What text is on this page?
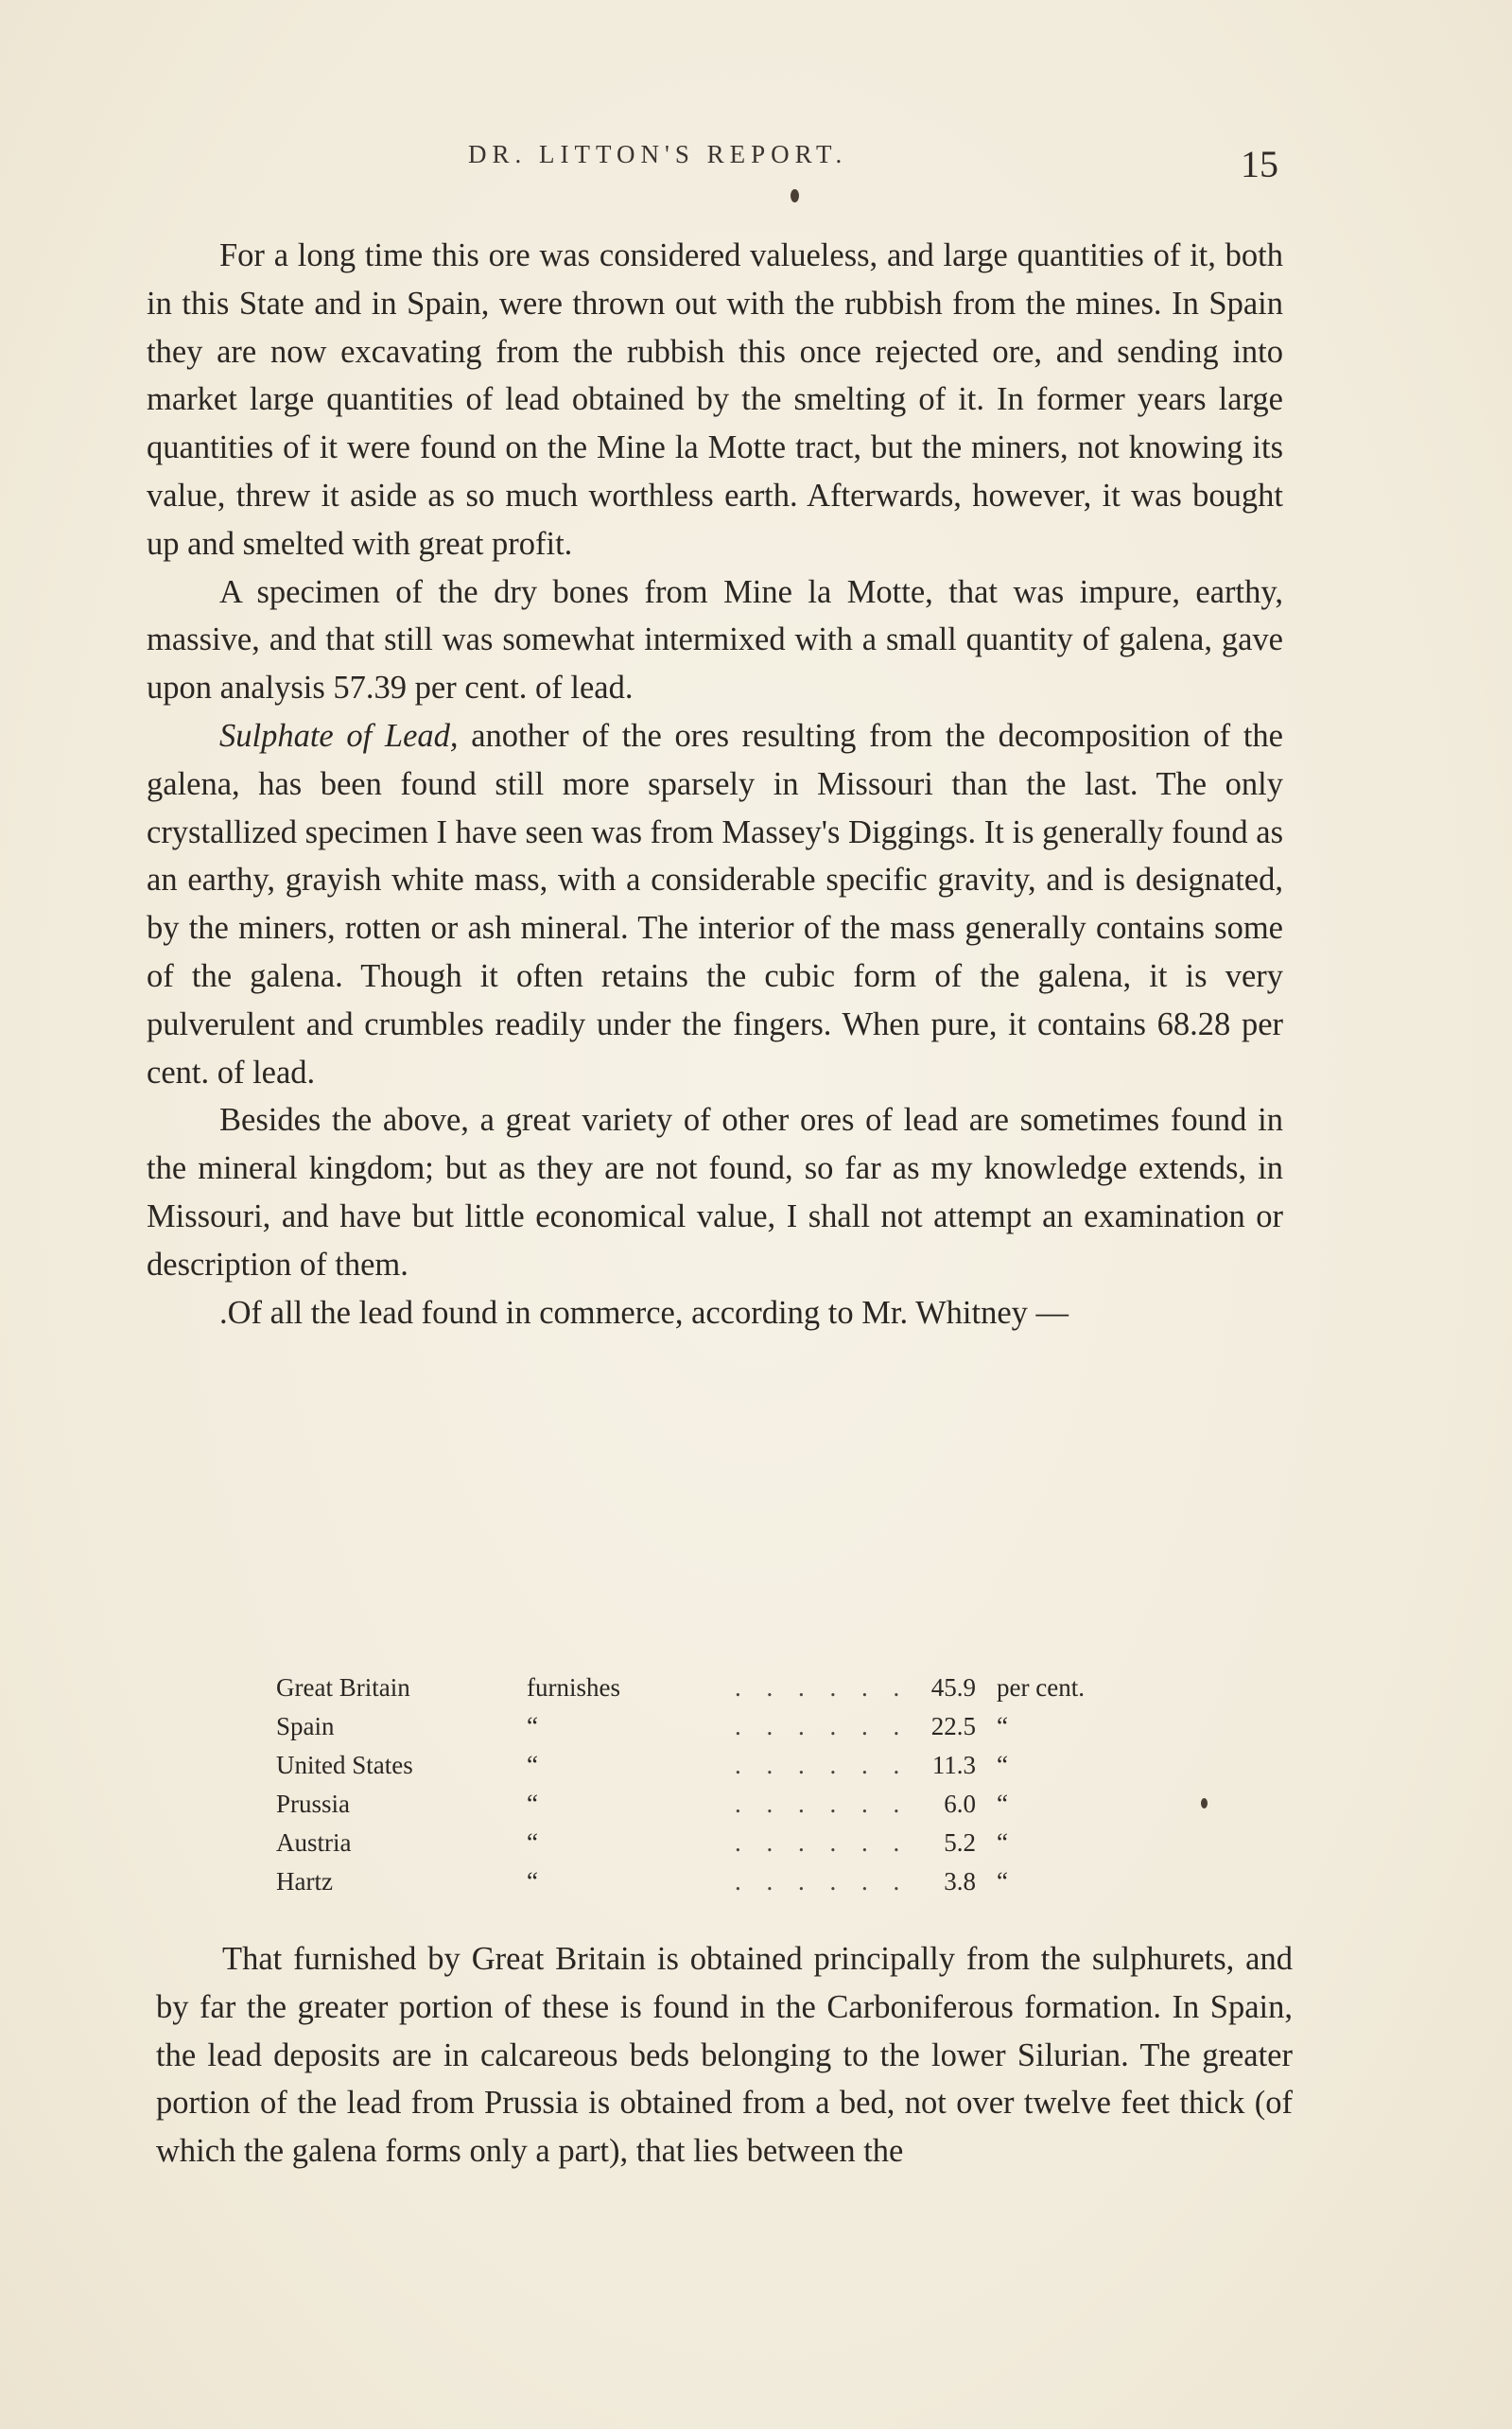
DR. LITTON'S REPORT.	15

For a long time this ore was considered valueless, and large quantities of it, both in this State and in Spain, were thrown out with the rubbish from the mines. In Spain they are now excavating from the rubbish this once rejected ore, and sending into market large quantities of lead obtained by the smelting of it. In former years large quantities of it were found on the Mine la Motte tract, but the miners, not knowing its value, threw it aside as so much worthless earth. Afterwards, however, it was bought up and smelted with great profit.

A specimen of the dry bones from Mine la Motte, that was impure, earthy, massive, and that still was somewhat intermixed with a small quantity of galena, gave upon analysis 57.39 per cent. of lead.

Sulphate of Lead, another of the ores resulting from the decomposition of the galena, has been found still more sparsely in Missouri than the last. The only crystallized specimen I have seen was from Massey's Diggings. It is generally found as an earthy, grayish white mass, with a considerable specific gravity, and is designated, by the miners, rotten or ash mineral. The interior of the mass generally contains some of the galena. Though it often retains the cubic form of the galena, it is very pulverulent and crumbles readily under the fingers. When pure, it contains 68.28 per cent. of lead.

Besides the above, a great variety of other ores of lead are sometimes found in the mineral kingdom; but as they are not found, so far as my knowledge extends, in Missouri, and have but little economical value, I shall not attempt an examination or description of them.

.Of all the lead found in commerce, according to Mr. Whitney —

Great Britain	furnishes	. . . . . . 45.9 per cent.
Spain	“	. . . . . . 22.5 “
United States	“	. . . . . . 11.3 “
Prussia	“	. . . . . .	6.0 “
Austria	“	. . . . . .	5.2 “
Hartz	“	. . . . . .	3.8 “

That furnished by Great Britain is obtained principally from the sulphurets, and by far the greater portion of these is found in the Carboniferous formation. In Spain, the lead deposits are in calcareous beds belonging to the lower Silurian. The greater portion of the lead from Prussia is obtained from a bed, not over twelve feet thick (of which the galena forms only a part), that lies between the
